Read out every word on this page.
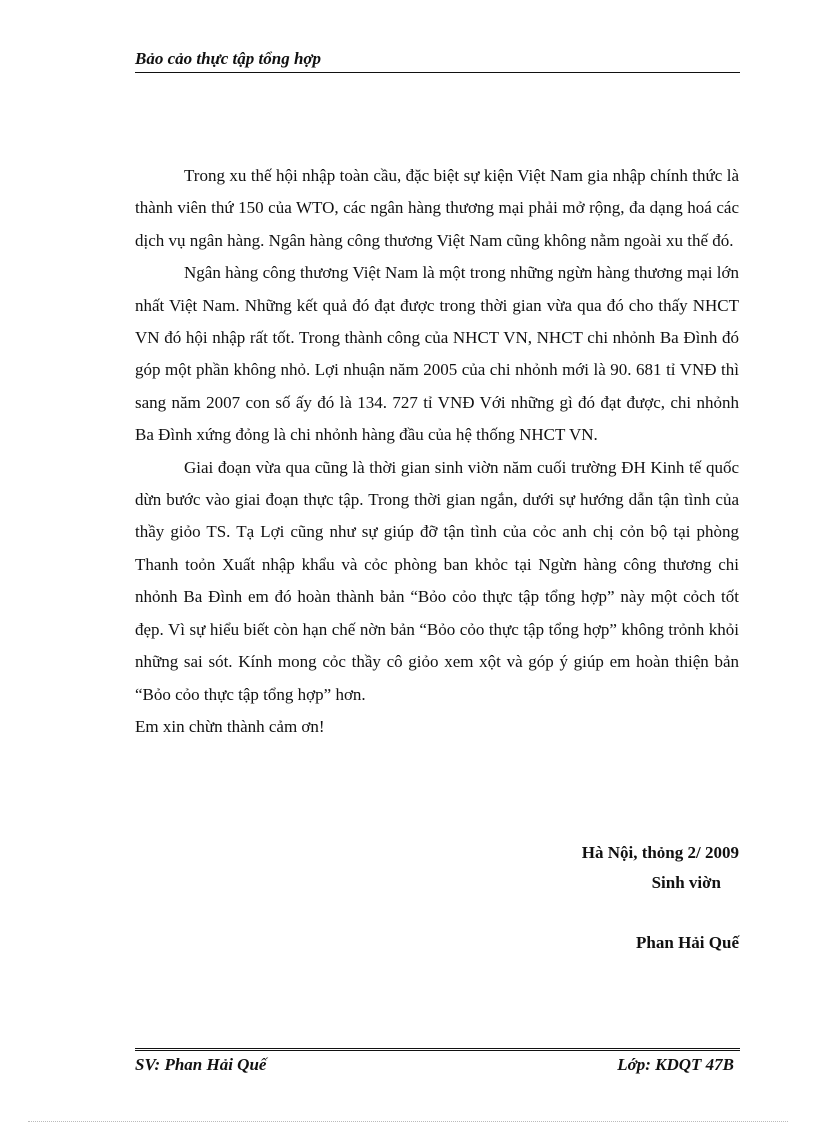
Bảo cảo thực tập tổng hợp

Trong xu thế hội nhập toàn cầu, đặc biệt sự kiện Việt Nam gia nhập chính thức là thành viên thứ 150 của WTO, các ngân hàng thương mại phải mở rộng, đa dạng hoá các dịch vụ ngân hàng. Ngân hàng công thương Việt Nam cũng không nằm ngoài xu thế đó.

Ngân hàng công thương Việt Nam là một trong những ngừn hàng thương mại lớn nhất Việt Nam. Những kết quả đó đạt được trong thời gian vừa qua đó cho thấy NHCT VN đó hội nhập rất tốt. Trong thành công của NHCT VN, NHCT chi nhỏnh Ba Đình đó góp một phần không nhỏ. Lợi nhuận năm 2005 của chi nhỏnh mới là 90. 681 tỉ VNĐ thì sang năm 2007 con số ấy đó là 134. 727 tỉ VNĐ Với những gì đó đạt được, chi nhỏnh Ba Đình xứng đỏng là chi nhỏnh hàng đầu của hệ thống NHCT VN.

Giai đoạn vừa qua cũng là thời gian sinh viờn năm cuối trường ĐH Kinh tế quốc dừn bước vào giai đoạn thực tập. Trong thời gian ngắn, dưới sự hướng dẫn tận tình của thầy giỏo TS. Tạ Lợi cũng như sự giúp đỡ tận tình của cỏc anh chị cỏn bộ tại phòng Thanh toỏn Xuất nhập khẩu và cỏc phòng ban khỏc tại Ngừn hàng công thương chi nhỏnh Ba Đình em đó hoàn thành bản “Bỏo cỏo thực tập tổng hợp” này một cỏch tốt đẹp. Vì sự hiểu biết còn hạn chế nờn bản “Bỏo cỏo thực tập tổng hợp” không trỏnh khỏi những sai sót. Kính mong cỏc thầy cô giỏo xem xột và góp ý giúp em hoàn thiện bản “Bỏo cỏo thực tập tổng hợp” hơn.

Em xin chừn thành cảm ơn!

Hà Nội, thỏng 2/ 2009
Sinh viờn
Phan Hải Quế
SV: Phan Hải Quế	Lớp: KDQT 47B
